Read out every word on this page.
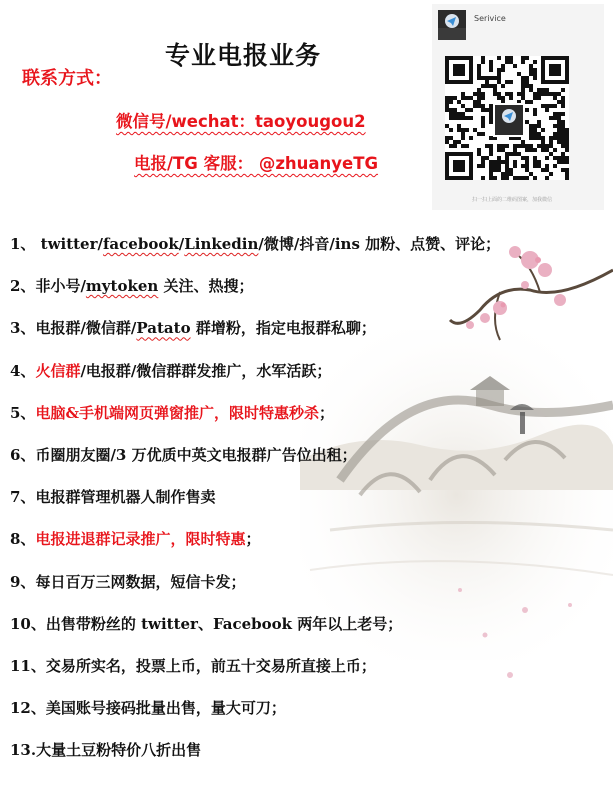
专业电报业务
联系方式：
微信号/wechat：taoyougou2
电报/TG 客服： @zhuanyeTG
Serivice
扫一扫上面的二维码图案，加我微信
1、 twitter/facebook/Linkedin/微博/抖音/ins 加粉、点赞、评论；
2、非小号/mytoken 关注、热搜；
3、电报群/微信群/Patato 群增粉，指定电报群私聊；
4、火信群/电报群/微信群群发推广，水军活跃；
5、电脑&手机端网页弹窗推广，限时特惠秒杀；
6、币圈朋友圈/3 万优质中英文电报群广告位出租；
7、电报群管理机器人制作售卖
8、电报进退群记录推广，限时特惠；
9、每日百万三网数据，短信卡发；
10、出售带粉丝的 twitter、Facebook 两年以上老号；
11、交易所实名，投票上币，前五十交易所直接上币；
12、美国账号接码批量出售，量大可刀；
13.大量土豆粉特价八折出售
